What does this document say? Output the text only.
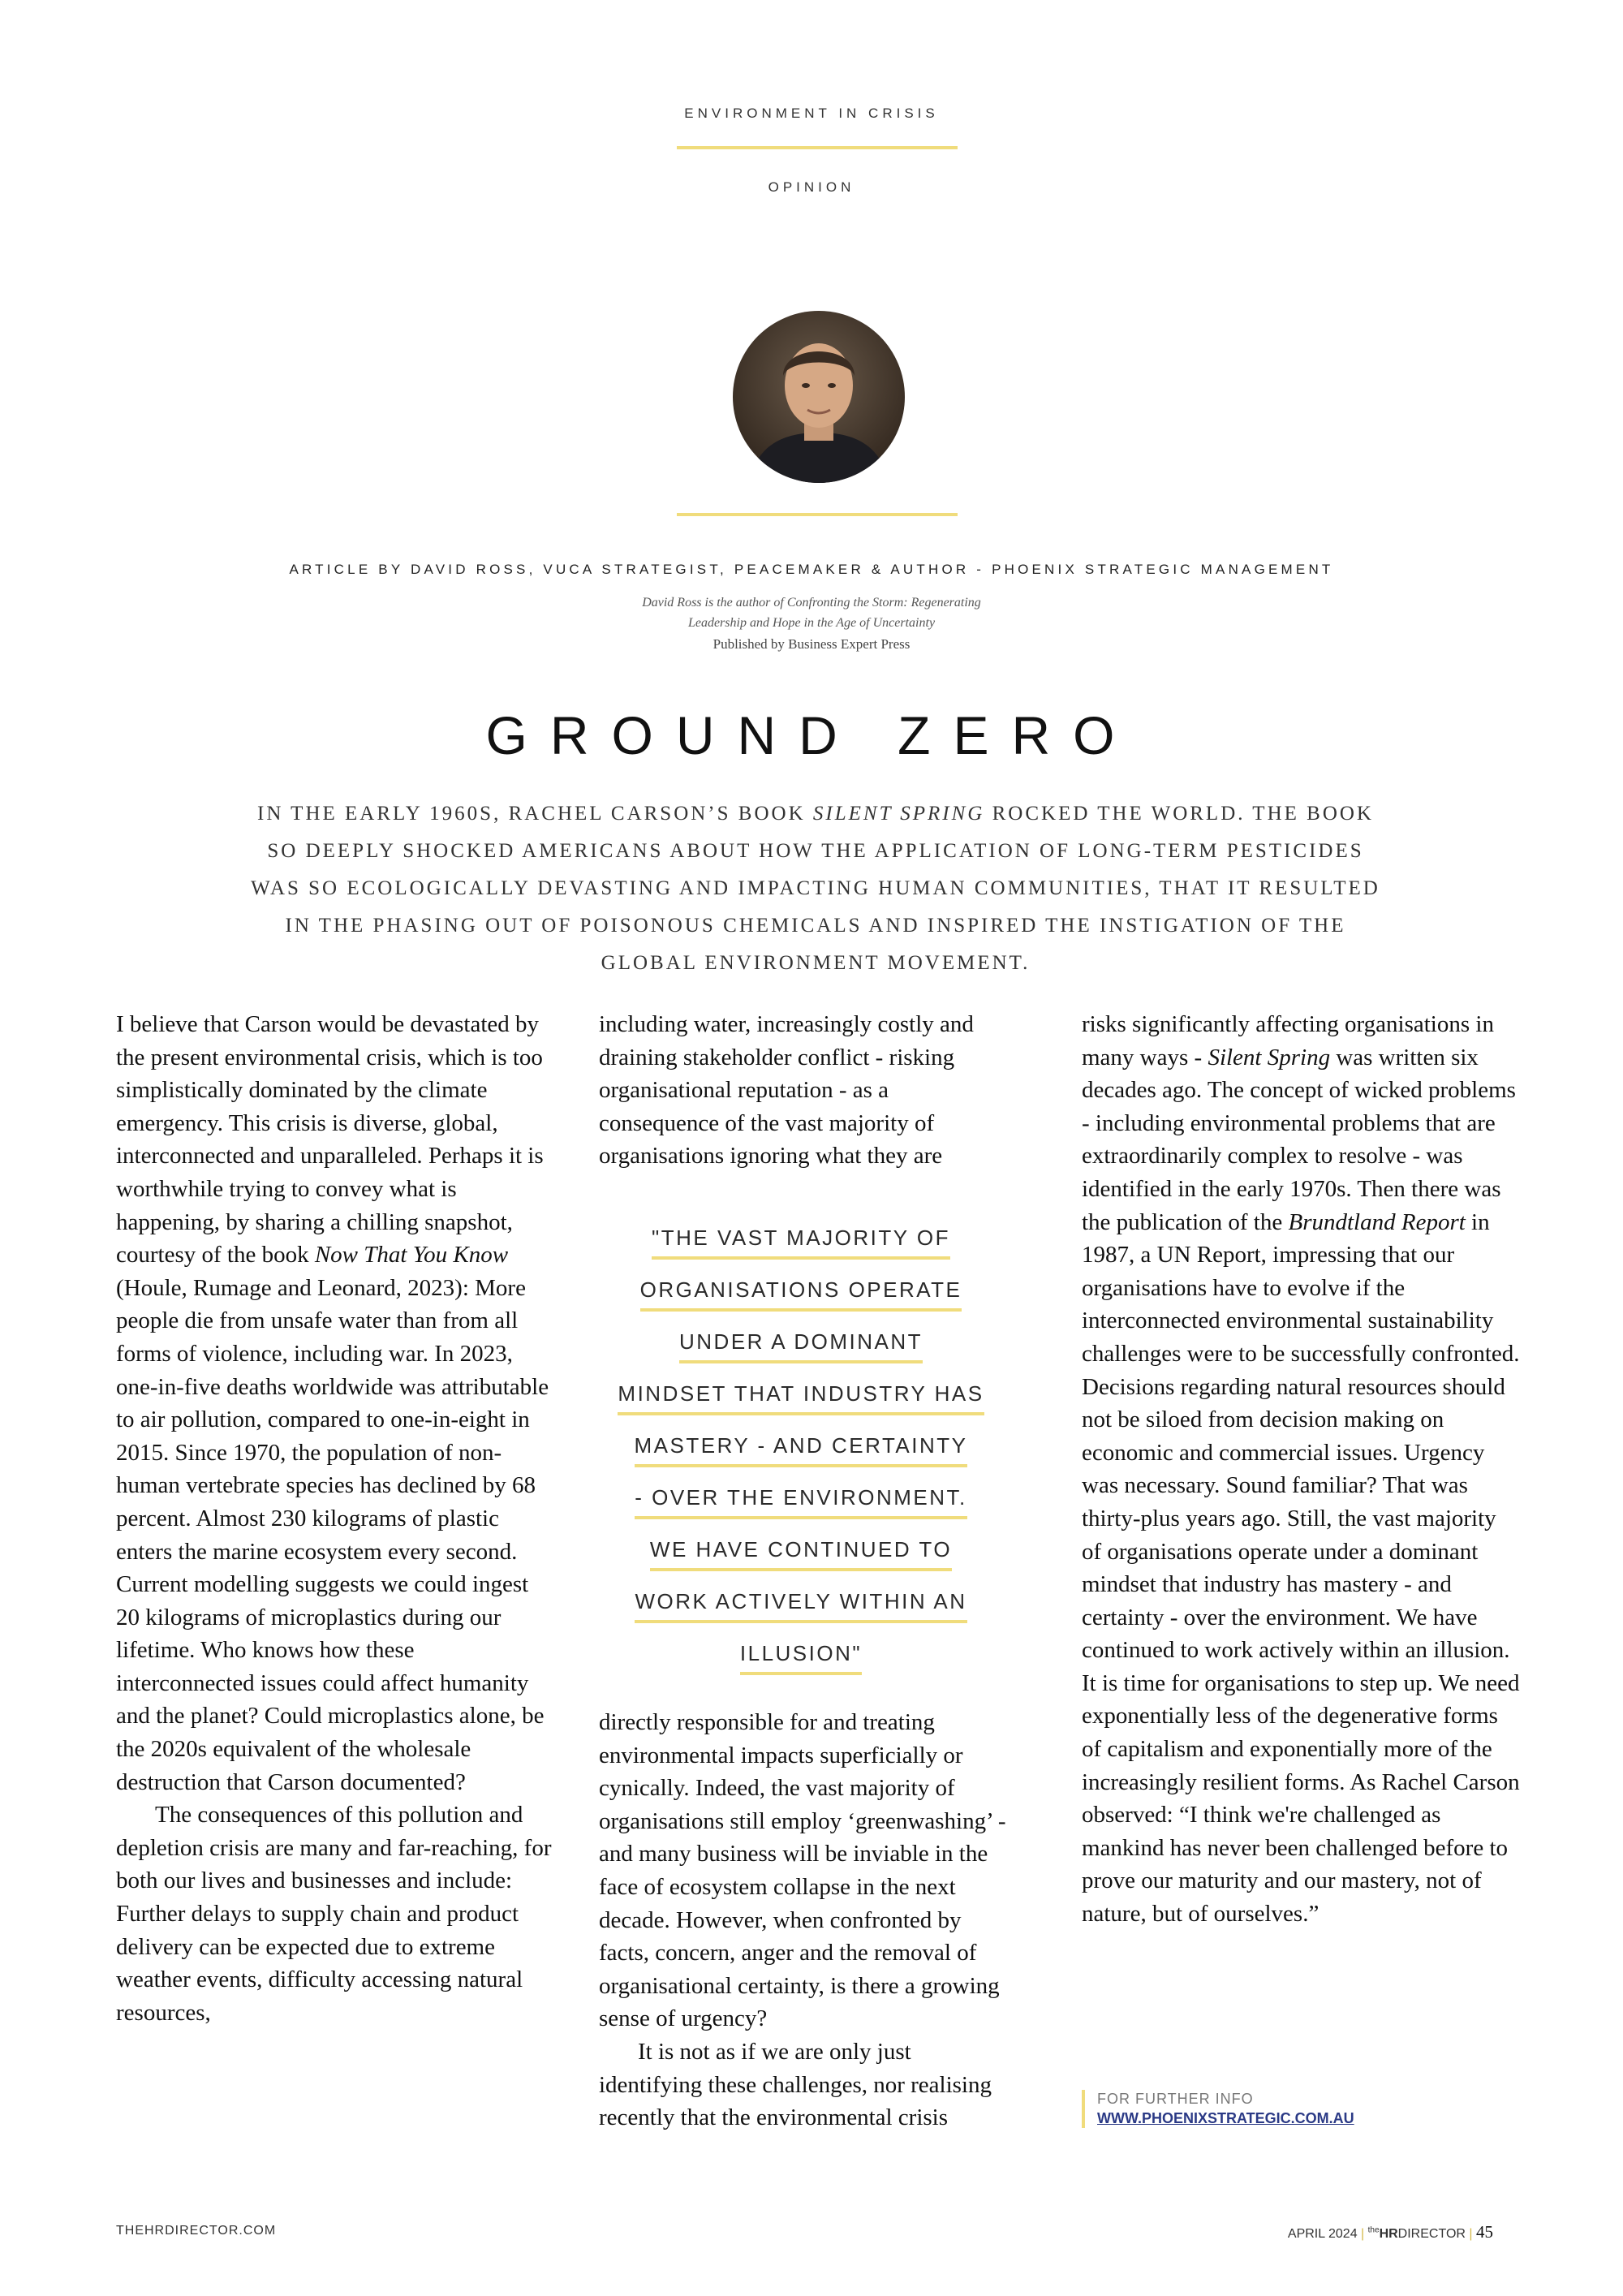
ENVIRONMENT IN CRISIS
OPINION
ARTICLE BY DAVID ROSS, VUCA STRATEGIST, PEACEMAKER & AUTHOR - PHOENIX STRATEGIC MANAGEMENT
David Ross is the author of Confronting the Storm: Regenerating
Leadership and Hope in the Age of Uncertainty
Published by Business Expert Press
GROUND ZERO
IN THE EARLY 1960S, RACHEL CARSON’S BOOK SILENT SPRING ROCKED THE WORLD. THE BOOK SO DEEPLY SHOCKED AMERICANS ABOUT HOW THE APPLICATION OF LONG-TERM PESTICIDES WAS SO ECOLOGICALLY DEVASTING AND IMPACTING HUMAN COMMUNITIES, THAT IT RESULTED IN THE PHASING OUT OF POISONOUS CHEMICALS AND INSPIRED THE INSTIGATION OF THE GLOBAL ENVIRONMENT MOVEMENT.

I believe that Carson would be devastated by the present environmental crisis, which is too simplistically dominated by the climate emergency. This crisis is diverse, global, interconnected and unparalleled. Perhaps it is worthwhile trying to convey what is happening, by sharing a chilling snapshot, courtesy of the book Now That You Know (Houle, Rumage and Leonard, 2023): More people die from unsafe water than from all forms of violence, including war. In 2023, one-in-five deaths worldwide was attributable to air pollution, compared to one-in-eight in 2015. Since 1970, the population of non-human vertebrate species has declined by 68 percent. Almost 230 kilograms of plastic enters the marine ecosystem every second. Current modelling suggests we could ingest 20 kilograms of microplastics during our lifetime. Who knows how these interconnected issues could affect humanity and the planet? Could microplastics alone, be the 2020s equivalent of the wholesale destruction that Carson documented?

The consequences of this pollution and depletion crisis are many and far-reaching, for both our lives and businesses and include: Further delays to supply chain and product delivery can be expected due to extreme weather events, difficulty accessing natural resources,

including water, increasingly costly and draining stakeholder conflict - risking organisational reputation - as a consequence of the vast majority of organisations ignoring what they are

"THE VAST MAJORITY OF
ORGANISATIONS OPERATE
UNDER A DOMINANT
MINDSET THAT INDUSTRY HAS
MASTERY - AND CERTAINTY
- OVER THE ENVIRONMENT.
WE HAVE CONTINUED TO
WORK ACTIVELY WITHIN AN
ILLUSION"

directly responsible for and treating environmental impacts superficially or cynically. Indeed, the vast majority of organisations still employ ‘greenwashing’ - and many business will be inviable in the face of ecosystem collapse in the next decade. However, when confronted by facts, concern, anger and the removal of organisational certainty, is there a growing sense of urgency?

It is not as if we are only just identifying these challenges, nor realising recently that the environmental crisis

risks significantly affecting organisations in many ways - Silent Spring was written six decades ago. The concept of wicked problems - including environmental problems that are extraordinarily complex to resolve - was identified in the early 1970s. Then there was the publication of the Brundtland Report in 1987, a UN Report, impressing that our organisations have to evolve if the interconnected environmental sustainability challenges were to be successfully confronted. Decisions regarding natural resources should not be siloed from decision making on economic and commercial issues. Urgency was necessary. Sound familiar? That was thirty-plus years ago. Still, the vast majority of organisations operate under a dominant mindset that industry has mastery - and certainty - over the environment. We have continued to work actively within an illusion.

It is time for organisations to step up. We need exponentially less of the degenerative forms of capitalism and exponentially more of the increasingly resilient forms. As Rachel Carson observed: “I think we're challenged as mankind has never been challenged before to prove our maturity and our mastery, not of nature, but of ourselves.”

FOR FURTHER INFO
WWW.PHOENIXSTRATEGIC.COM.AU
THEHRDIRECTOR.COM	APRIL 2024 | $^{the}$HRDIRECTOR | 45
